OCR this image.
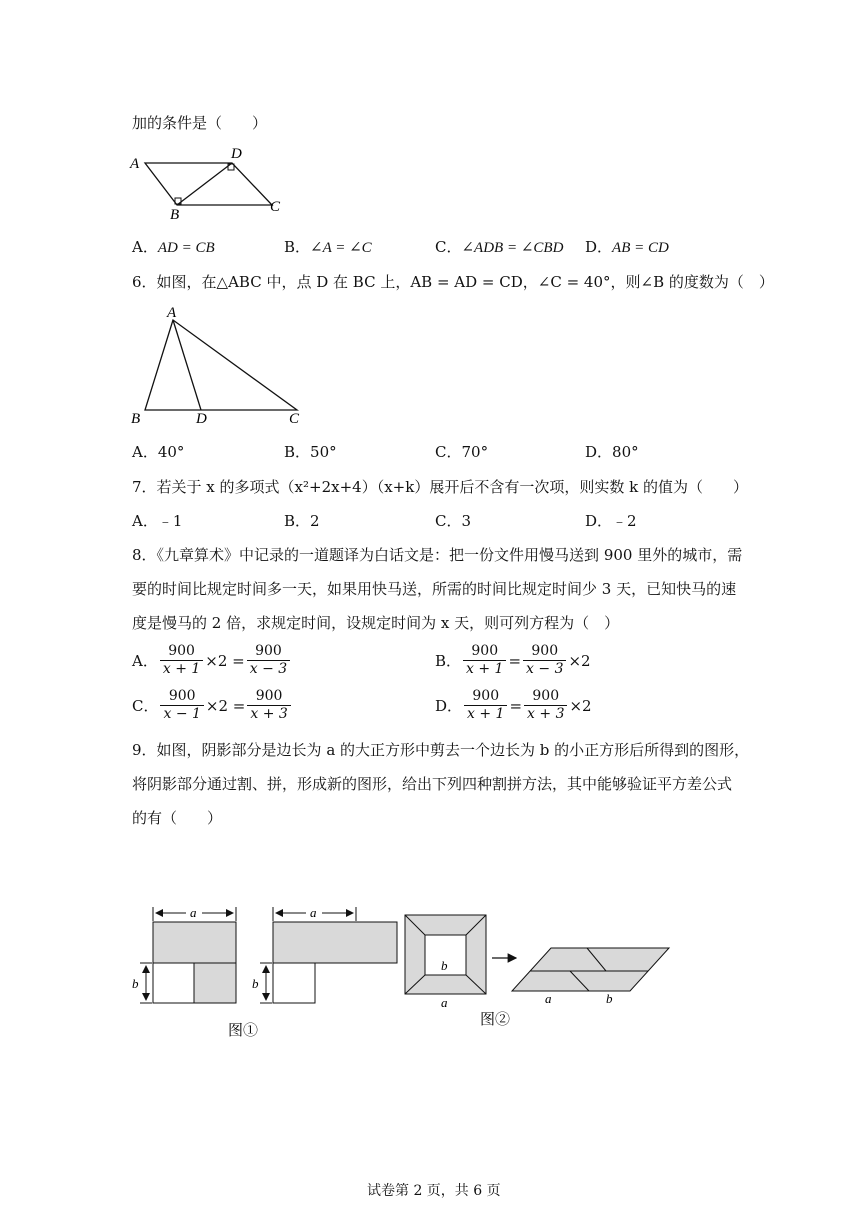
加的条件是（　　）
A
D
B	C
A．AD = CB	B．∠A = ∠C	C．∠ADB = ∠CBD D．AB = CD
6．如图，在△ABC 中，点 D 在 BC 上，AB = AD = CD，∠C = 40°，则∠B 的度数为（　）
A
B	D	C
A．40°	B．50°	C．70°	D．80°
7．若关于 x 的多项式（x²+2x+4）（x+k）展开后不含有一次项，则实数 k 的值为（　　）
A．﹣1	B．2	C．3	D．﹣2
8．《九章算术》中记录的一道题译为白话文是：把一份文件用慢马送到 900 里外的城市，需
要的时间比规定时间多一天，如果用快马送，所需的时间比规定时间少 3 天，已知快马的速
度是慢马的 2 倍，求规定时间，设规定时间为 x 天，则可列方程为（　）
A． $\frac{900}{x + 1} \times 2 = \frac{900}{x - 3}$	B． $\frac{900}{x + 1} = \frac{900}{x - 3} \times 2$
C． $\frac{900}{x - 1} \times 2 = \frac{900}{x + 3}$	D． $\frac{900}{x + 1} = \frac{900}{x + 3} \times 2$
9．如图，阴影部分是边长为 a 的大正方形中剪去一个边长为 b 的小正方形后所得到的图形，
将阴影部分通过割、拼，形成新的图形，给出下列四种割拼方法，其中能够验证平方差公式
的有（　　）
a
b
a
b
图①
b
a	a	b
图②
试卷第 2 页，共 6 页
